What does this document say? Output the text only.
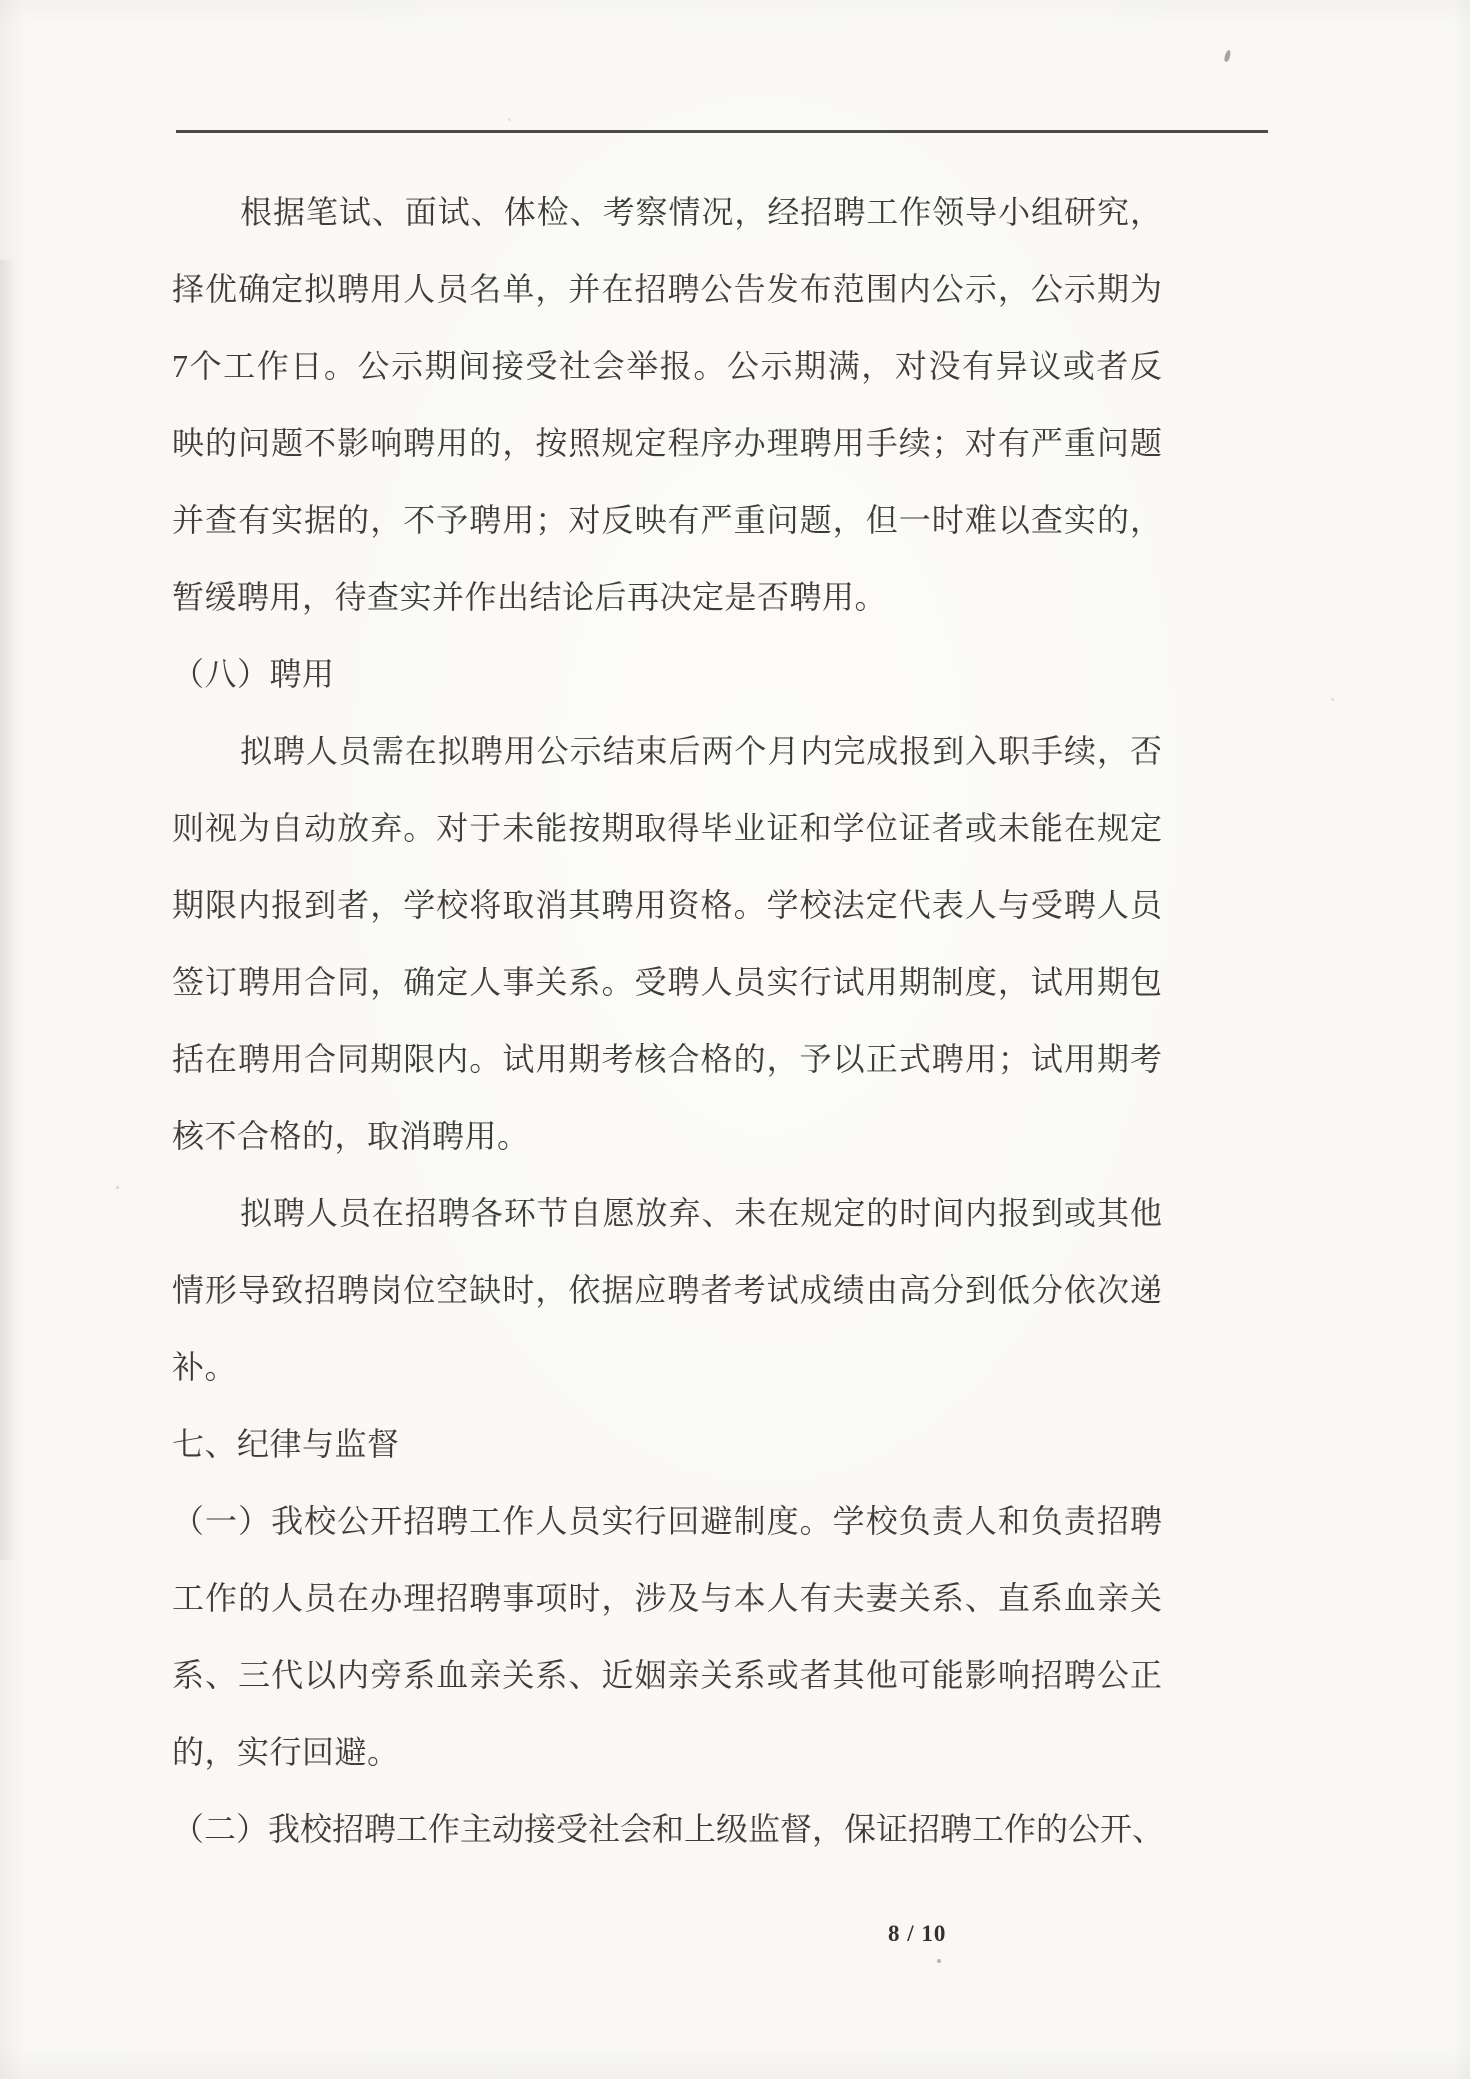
根据笔试、面试、体检、考察情况，经招聘工作领导小组研究，
择优确定拟聘用人员名单，并在招聘公告发布范围内公示，公示期为
7个工作日。公示期间接受社会举报。公示期满，对没有异议或者反
映的问题不影响聘用的，按照规定程序办理聘用手续；对有严重问题
并查有实据的，不予聘用；对反映有严重问题，但一时难以查实的，
暂缓聘用，待查实并作出结论后再决定是否聘用。
（八）聘用
拟聘人员需在拟聘用公示结束后两个月内完成报到入职手续，否
则视为自动放弃。对于未能按期取得毕业证和学位证者或未能在规定
期限内报到者，学校将取消其聘用资格。学校法定代表人与受聘人员
签订聘用合同，确定人事关系。受聘人员实行试用期制度，试用期包
括在聘用合同期限内。试用期考核合格的，予以正式聘用；试用期考
核不合格的，取消聘用。
拟聘人员在招聘各环节自愿放弃、未在规定的时间内报到或其他
情形导致招聘岗位空缺时，依据应聘者考试成绩由高分到低分依次递
补。
七、纪律与监督
（一）我校公开招聘工作人员实行回避制度。学校负责人和负责招聘
工作的人员在办理招聘事项时，涉及与本人有夫妻关系、直系血亲关
系、三代以内旁系血亲关系、近姻亲关系或者其他可能影响招聘公正
的，实行回避。
（二）我校招聘工作主动接受社会和上级监督，保证招聘工作的公开、
8 / 10
